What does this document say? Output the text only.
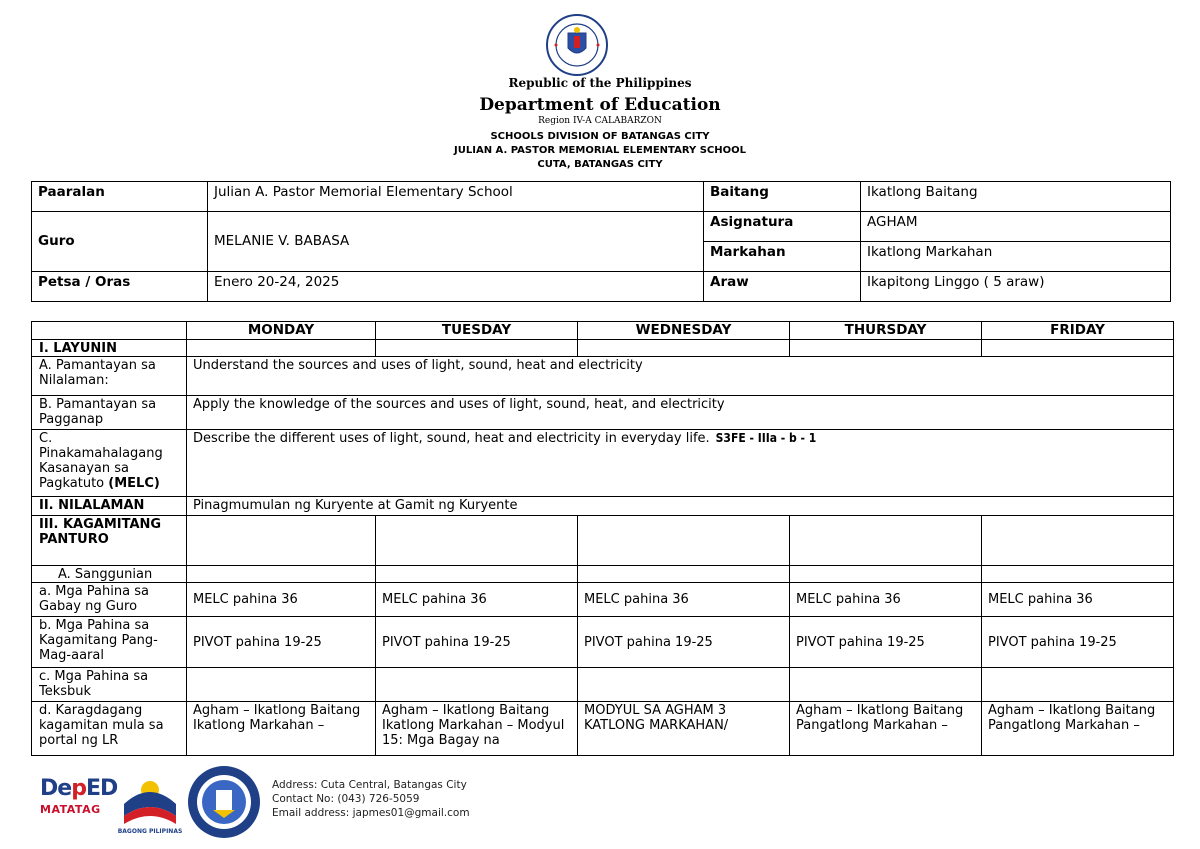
Republic of the Philippines
Department of Education
Region IV-A CALABARZON
SCHOOLS DIVISION OF BATANGAS CITY
JULIAN A. PASTOR MEMORIAL ELEMENTARY SCHOOL
CUTA, BATANGAS CITY
Paaralan	Julian A. Pastor Memorial Elementary School	Baitang	Ikatlong Baitang
Guro	MELANIE V. BABASA	Asignatura	AGHAM
		Markahan	Ikatlong Markahan
Petsa / Oras	Enero 20-24, 2025	Araw	Ikapitong Linggo ( 5 araw)
	MONDAY	TUESDAY	WEDNESDAY	THURSDAY	FRIDAY
I. LAYUNIN					
A. Pamantayan sa Nilalaman:	Understand the sources and uses of light, sound, heat and electricity				
B. Pamantayan sa Pagganap	Apply the knowledge of the sources and uses of light, sound, heat, and electricity				
C. Pinakamahalagang Kasanayan sa Pagkatuto (MELC)	Describe the different uses of light, sound, heat and electricity in everyday life. S3FE - IIIa - b - 1				
II. NILALAMAN	Pinagmumulan ng Kuryente at Gamit ng Kuryente				
III. KAGAMITANG PANTURO					
A. Sanggunian					
a. Mga Pahina sa Gabay ng Guro	MELC pahina 36	MELC pahina 36	MELC pahina 36	MELC pahina 36	MELC pahina 36
b. Mga Pahina sa Kagamitang Pang-Mag-aaral	PIVOT pahina 19-25	PIVOT pahina 19-25	PIVOT pahina 19-25	PIVOT pahina 19-25	PIVOT pahina 19-25
c. Mga Pahina sa Teksbuk					
d. Karagdagang kagamitan mula sa portal ng LR	Agham – Ikatlong Baitang Ikatlong Markahan –	Agham – Ikatlong Baitang Ikatlong Markahan – Modyul 15: Mga Bagay na	MODYUL SA AGHAM 3 KATLONG MARKAHAN/	Agham – Ikatlong Baitang Pangatlong Markahan –	Agham – Ikatlong Baitang Pangatlong Markahan –
DepED
MATATAG
BAGONG PILIPINAS
Address: Cuta Central, Batangas City
Contact No: (043) 726-5059
Email address: japmes01@gmail.com
